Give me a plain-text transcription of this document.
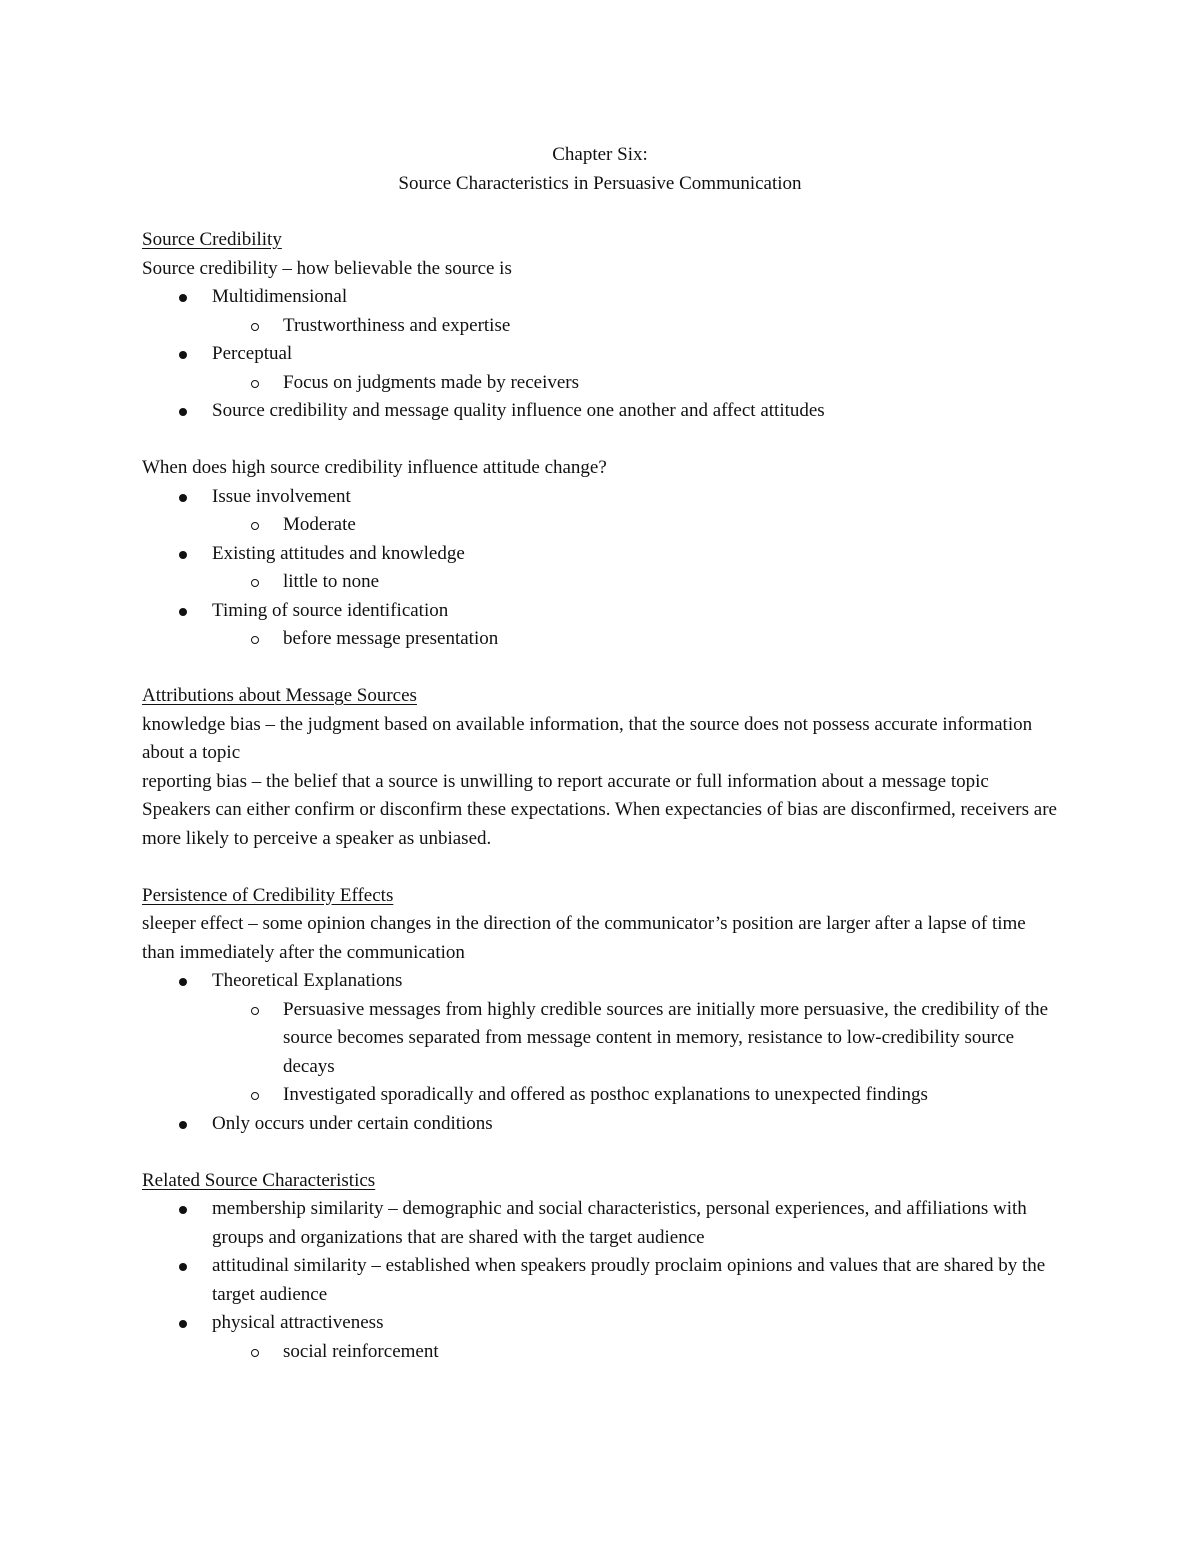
Chapter Six:
Source Characteristics in Persuasive Communication
Source Credibility
Source credibility – how believable the source is
Multidimensional
Trustworthiness and expertise
Perceptual
Focus on judgments made by receivers
Source credibility and message quality influence one another and affect attitudes
When does high source credibility influence attitude change?
Issue involvement
Moderate
Existing attitudes and knowledge
little to none
Timing of source identification
before message presentation
Attributions about Message Sources
knowledge bias – the judgment based on available information, that the source does not possess accurate information about a topic
reporting bias – the belief that a source is unwilling to report accurate or full information about a message topic
Speakers can either confirm or disconfirm these expectations. When expectancies of bias are disconfirmed, receivers are more likely to perceive a speaker as unbiased.
Persistence of Credibility Effects
sleeper effect – some opinion changes in the direction of the communicator’s position are larger after a lapse of time than immediately after the communication
Theoretical Explanations
Persuasive messages from highly credible sources are initially more persuasive, the credibility of the source becomes separated from message content in memory, resistance to low-credibility source decays
Investigated sporadically and offered as posthoc explanations to unexpected findings
Only occurs under certain conditions
Related Source Characteristics
membership similarity – demographic and social characteristics, personal experiences, and affiliations with groups and organizations that are shared with the target audience
attitudinal similarity – established when speakers proudly proclaim opinions and values that are shared by the target audience
physical attractiveness
social reinforcement
